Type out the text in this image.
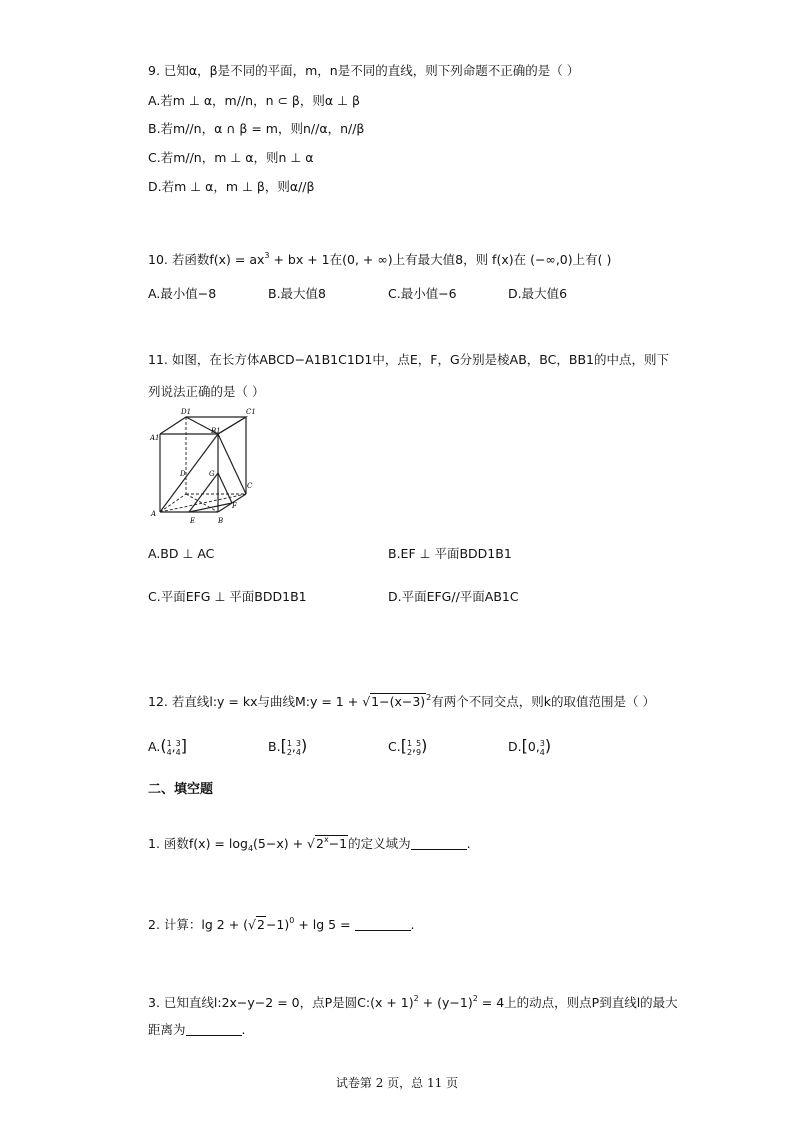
9. 已知α，β是不同的平面，m，n是不同的直线，则下列命题不正确的是（ ）
A.若m ⊥ α，m//n，n ⊂ β，则α ⊥ β
B.若m//n，α ∩ β = m，则n//α，n//β
C.若m//n，m ⊥ α，则n ⊥ α
D.若m ⊥ α，m ⊥ β，则α//β
10. 若函数$f(x) = ax^3$ + bx + 1在(0, + ∞)上有最大值8，则 f(x)在 (−∞,0)上有( )
A.最小值−8	B.最大值8	C.最小值−6	D.最大值6
11. 如图，在长方体ABCD−A1B1C1D1中，点E，F，G分别是棱AB，BC，BB1的中点，则下
列说法正确的是（ ）
D1	C1
A1
B1
D	G
C
A
E	B
F
A.BD ⊥ AC	B.EF ⊥ 平面BDD1B1
C.平面EFG ⊥ 平面BDD1B1	D.平面EFG//平面AB1C
12. 若直线l:y = kx与曲线M:y = $1 + √1-(x-3)^2$有两个不同交点，则k的取值范围是（ ）
A.( 1
4 , 3
4 ]	B.[ 1
2 , 3
4 )	C.[ 1
2 , 5
9 )	D.[0, 3
4 )
二、填空题
1. 函数$f(x) = \log_4(5-x) + √2^x-1$的定义域为	.
2. 计算：$\lg 2 + (√2-1)^0 + \lg 5$ =	.
3. 已知直线l:2x−y−2 = 0，点P是圆C:(x + $1)^2 + (y-1)^2 = 4$上的动点，则点P到直线l的最大
距离为	.
试卷第 2 页，总 11 页
